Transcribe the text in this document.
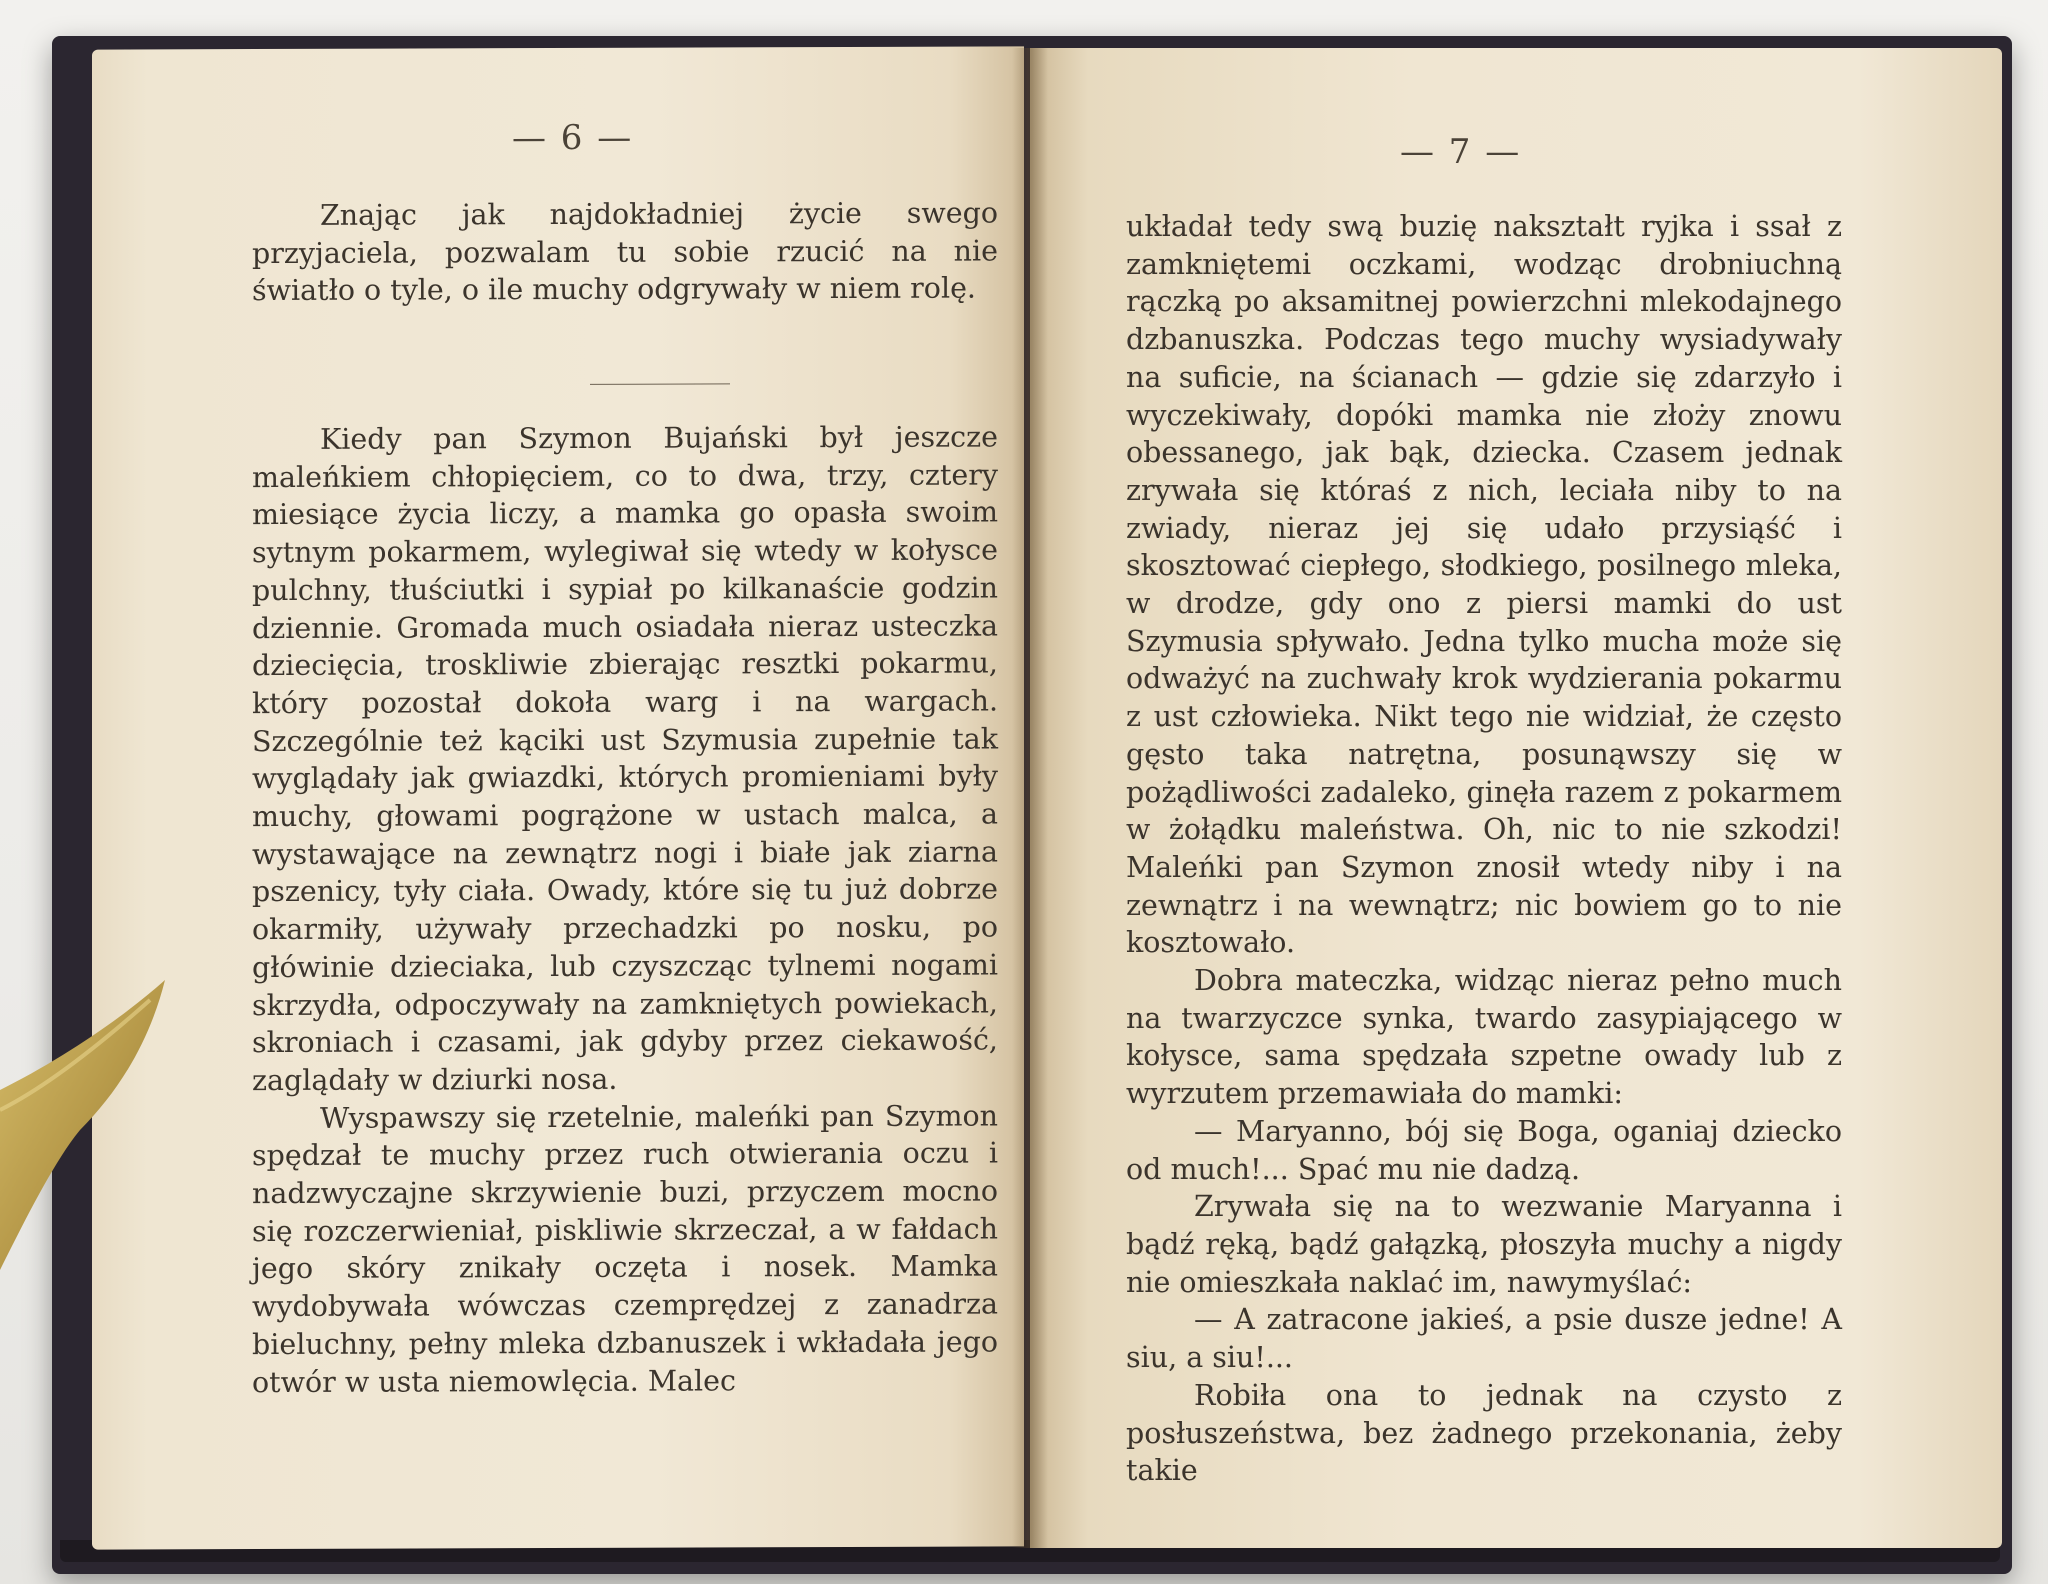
— 6 —

Znając jak najdokładniej życie swego przyjaciela, pozwalam tu sobie rzucić na nie światło o tyle, o ile muchy odgrywały w niem rolę.

Kiedy pan Szymon Bujański był jeszcze maleńkiem chłopięciem, co to dwa, trzy, cztery miesiące życia liczy, a mamka go opasła swoim sytnym pokarmem, wylegiwał się wtedy w kołysce pulchny, tłuściutki i sypiał po kilkanaście godzin dziennie. Gromada much osiadała nieraz usteczka dziecięcia, troskliwie zbierając resztki pokarmu, który pozostał dokoła warg i na wargach. Szczególnie też kąciki ust Szymusia zupełnie tak wyglądały jak gwiazdki, których promieniami były muchy, głowami pogrążone w ustach malca, a wystawające na zewnątrz nogi i białe jak ziarna pszenicy, tyły ciała. Owady, które się tu już dobrze okarmiły, używały przechadzki po nosku, po główinie dzieciaka, lub czyszcząc tylnemi nogami skrzydła, odpoczywały na zamkniętych powiekach, skroniach i czasami, jak gdyby przez ciekawość, zaglądały w dziurki nosa.

Wyspawszy się rzetelnie, maleńki pan Szymon spędzał te muchy przez ruch otwierania oczu i nadzwyczajne skrzywienie buzi, przyczem mocno się rozczerwieniał, piskliwie skrzeczał, a w fałdach jego skóry znikały oczęta i nosek. Mamka wydobywała wówczas czemprędzej z zanadrza bieluchny, pełny mleka dzbanuszek i wkładała jego otwór w usta niemowlęcia. Malec

— 7 —

układał tedy swą buzię nakształt ryjka i ssał z zamkniętemi oczkami, wodząc drobniuchną rączką po aksamitnej powierzchni mlekodajnego dzbanuszka. Podczas tego muchy wysiadywały na suficie, na ścianach — gdzie się zdarzyło i wyczekiwały, dopóki mamka nie złoży znowu obessanego, jak bąk, dziecka. Czasem jednak zrywała się któraś z nich, leciała niby to na zwiady, nieraz jej się udało przysiąść i skosztować ciepłego, słodkiego, posilnego mleka, w drodze, gdy ono z piersi mamki do ust Szymusia spływało. Jedna tylko mucha może się odważyć na zuchwały krok wydzierania pokarmu z ust człowieka. Nikt tego nie widział, że często gęsto taka natrętna, posunąwszy się w pożądliwości zadaleko, ginęła razem z pokarmem w żołądku maleństwa. Oh, nic to nie szkodzi! Maleńki pan Szymon znosił wtedy niby i na zewnątrz i na wewnątrz; nic bowiem go to nie kosztowało.

Dobra mateczka, widząc nieraz pełno much na twarzyczce synka, twardo zasypiającego w kołysce, sama spędzała szpetne owady lub z wyrzutem przemawiała do mamki:

— Maryanno, bój się Boga, oganiaj dziecko od much!... Spać mu nie dadzą.

Zrywała się na to wezwanie Maryanna i bądź ręką, bądź gałązką, płoszyła muchy a nigdy nie omieszkała naklać im, nawymyślać:

— A zatracone jakieś, a psie dusze jedne! A siu, a siu!...

Robiła ona to jednak na czysto z posłuszeństwa, bez żadnego przekonania, żeby takie
